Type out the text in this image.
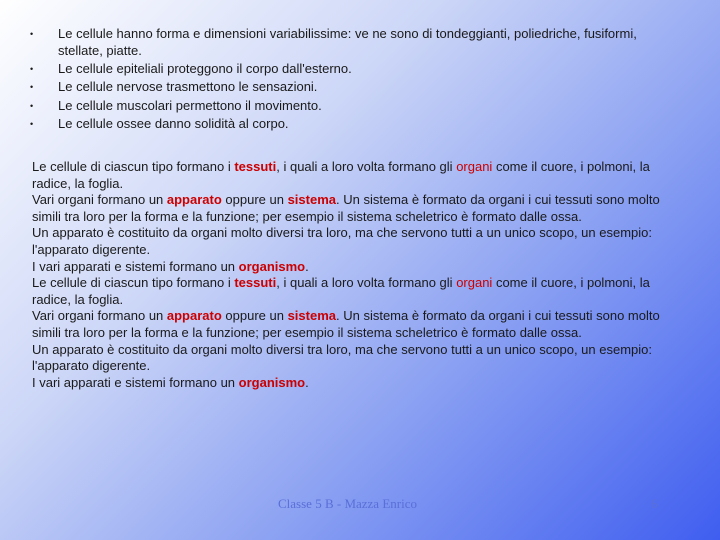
• Le cellule hanno forma e dimensioni variabilissime: ve ne sono di tondeggianti, poliedriche, fusiformi, stellate, piatte.
• Le cellule epiteliali proteggono il corpo dall'esterno.
• Le cellule nervose trasmettono le sensazioni.
• Le cellule muscolari permettono il movimento.
• Le cellule ossee danno solidità al corpo.

Le cellule di ciascun tipo formano i tessuti, i quali a loro volta formano gli organi come il cuore, i polmoni, la radice, la foglia.

Vari organi formano un apparato oppure un sistema. Un sistema è formato da organi i cui tessuti sono molto simili tra loro per la forma e la funzione; per esempio il sistema scheletrico è formato dalle ossa.

Un apparato è costituito da organi molto diversi tra loro, ma che servono tutti a un unico scopo, un esempio: l'apparato digerente.

I vari apparati e sistemi formano un organismo.

Le cellule di ciascun tipo formano i tessuti, i quali a loro volta formano gli organi come il cuore, i polmoni, la radice, la foglia.

Vari organi formano un apparato oppure un sistema. Un sistema è formato da organi i cui tessuti sono molto simili tra loro per la forma e la funzione; per esempio il sistema scheletrico è formato dalle ossa.

Un apparato è costituito da organi molto diversi tra loro, ma che servono tutti a un unico scopo, un esempio: l'apparato digerente.

I vari apparati e sistemi formano un organismo.

Classe 5 B - Mazza Enrico	6
